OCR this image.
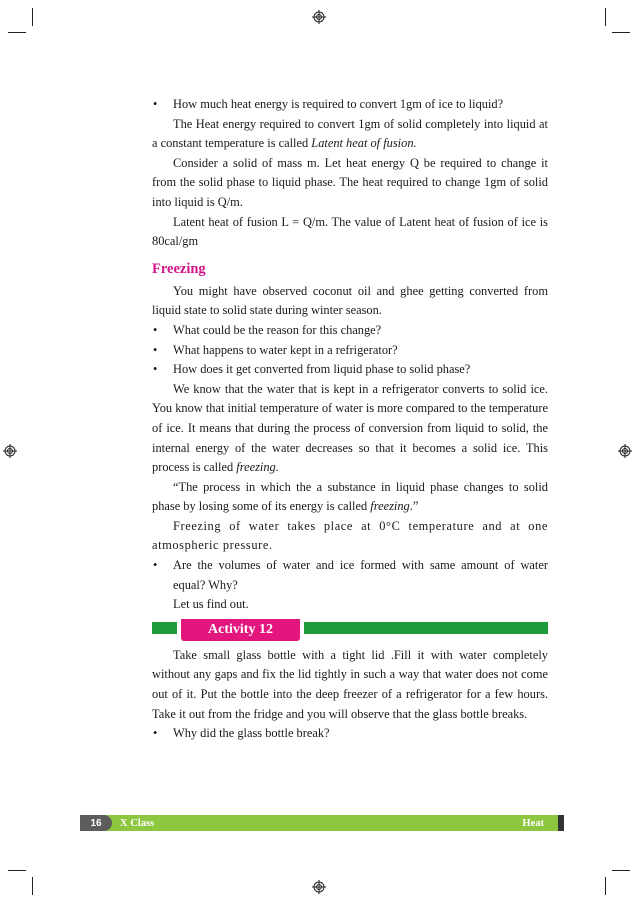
• How much heat energy is required to convert 1gm of ice to liquid?

The Heat energy required to convert 1gm of solid completely into liquid at a constant temperature is called Latent heat of fusion.

Consider a solid of mass m. Let heat energy Q be required to change it from the solid phase to liquid phase. The heat required to change 1gm of solid into liquid is Q/m.

Latent heat of fusion L = Q/m. The value of Latent heat of fusion of ice is 80cal/gm

Freezing

You might have observed coconut oil and ghee getting converted from liquid state to solid state during winter season.

• What could be the reason for this change?

• What happens to water kept in a refrigerator?

• How does it get converted from liquid phase to solid phase?

We know that the water that is kept in a refrigerator converts to solid ice. You know that initial temperature of water is more compared to the temperature of ice. It means that during the process of conversion from liquid to solid, the internal energy of the water decreases so that it becomes a solid ice. This process is called freezing.

“The process in which the a substance in liquid phase changes to solid phase by losing some of its energy is called freezing.”

Freezing of water takes place at 0°C temperature and at one atmospheric pressure.

• Are the volumes of water and ice formed with same amount of water equal? Why?

Let us find out.

Activity 12

Take small glass bottle with a tight lid .Fill it with water completely without any gaps and fix the lid tightly in such a way that water does not come out of it. Put the bottle into the deep freezer of a refrigerator for a few hours. Take it out from the fridge and you will observe that the glass bottle breaks.

• Why did the glass bottle break?

16	X Class	Heat
